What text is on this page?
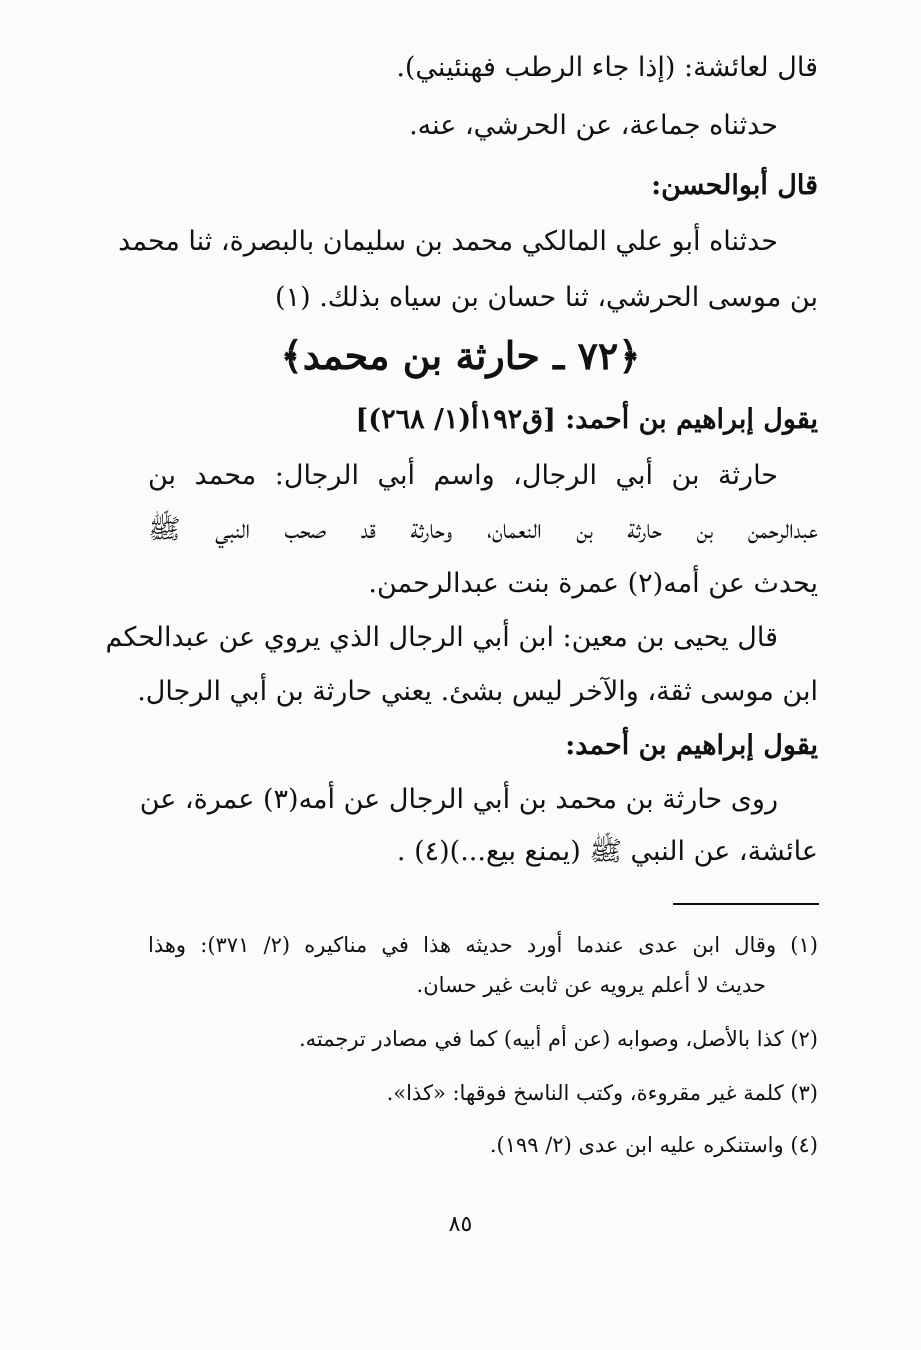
قال لعائشة: (إذا جاء الرطب فهنئيني).
حدثناه جماعة، عن الحرشي، عنه.
قال أبوالحسن:
حدثناه أبو علي المالكي محمد بن سليمان بالبصرة، ثنا محمد
بن موسى الحرشي، ثنا حسان بن سياه بذلك. (١)
﴿٧٢ ـ حارثة بن محمد﴾
يقول إبراهيم بن أحمد: [ق١٩٢أ(١/ ٢٦٨)]
حارثة بن أبي الرجال، واسم أبي الرجال: محمد بن
عبدالرحمن بن حارثة بن النعمان، وحارثة قد صحب النبي ﷺ
يحدث عن أمه(٢) عمرة بنت عبدالرحمن.
قال يحيى بن معين: ابن أبي الرجال الذي يروي عن عبدالحكم
ابن موسى ثقة، والآخر ليس بشئ. يعني حارثة بن أبي الرجال.
يقول إبراهيم بن أحمد:
روى حارثة بن محمد بن أبي الرجال عن أمه(٣) عمرة، عن
عائشة، عن النبي ﷺ (يمنع بيع...)(٤) .
(١) وقال ابن عدى عندما أورد حديثه هذا في مناكيره (٢/ ٣٧١): وهذا
حديث لا أعلم يرويه عن ثابت غير حسان.
(٢) كذا بالأصل، وصوابه (عن أم أبيه) كما في مصادر ترجمته.
(٣) كلمة غير مقروءة، وكتب الناسخ فوقها: «كذا».
(٤) واستنكره عليه ابن عدى (٢/ ١٩٩).
٨٥
